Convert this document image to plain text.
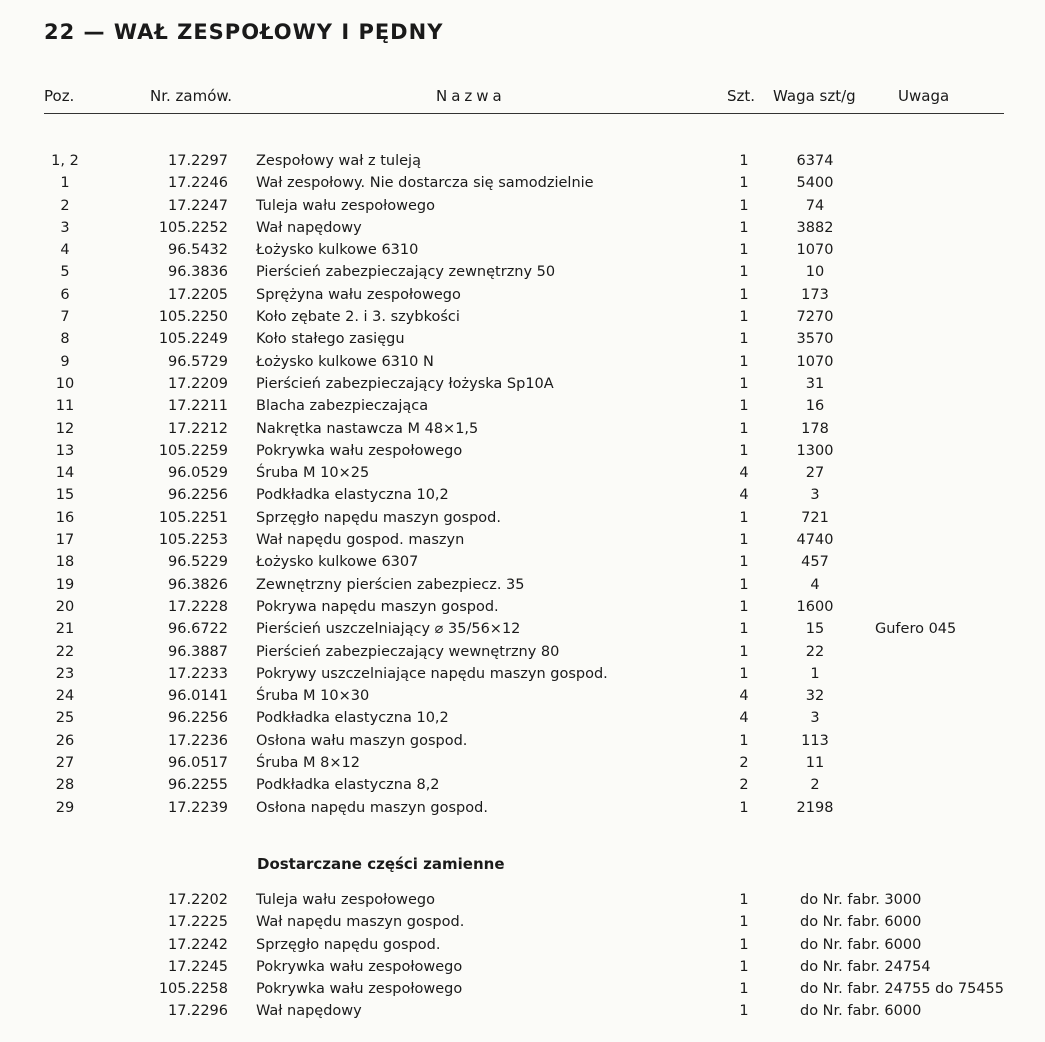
22 — WAŁ ZESPOŁOWY I PĘDNY
Poz.	Nr. zamów.	Nazwa	Szt. Waga szt/g	Uwaga
1, 2	17.2297 Zespołowy wał z tuleją	1	6374
1	17.2246 Wał zespołowy. Nie dostarcza się samodzielnie	1	5400
2	17.2247 Tuleja wału zespołowego	1	74
3	105.2252 Wał napędowy	1	3882
4	96.5432 Łożysko kulkowe 6310	1	1070
5	96.3836 Pierścień zabezpieczający zewnętrzny 50	1	10
6	17.2205 Sprężyna wału zespołowego	1	173
7	105.2250 Koło zębate 2. i 3. szybkości	1	7270
8	105.2249 Koło stałego zasięgu	1	3570
9	96.5729 Łożysko kulkowe 6310 N	1	1070
10	17.2209 Pierścień zabezpieczający łożyska Sp10A	1	31
11	17.2211 Blacha zabezpieczająca	1	16
12	17.2212 Nakrętka nastawcza M 48×1,5	1	178
13	105.2259 Pokrywka wału zespołowego	1	1300
14	96.0529 Śruba M 10×25	4	27
15	96.2256 Podkładka elastyczna 10,2	4	3
16	105.2251 Sprzęgło napędu maszyn gospod.	1	721
17	105.2253 Wał napędu gospod. maszyn	1	4740
18	96.5229 Łożysko kulkowe 6307	1	457
19	96.3826 Zewnętrzny pierścien zabezpiecz. 35	1	4
20	17.2228 Pokrywa napędu maszyn gospod.	1	1600
21	96.6722 Pierścień uszczelniający ⌀ 35/56×12	1	15	Gufero 045
22	96.3887 Pierścień zabezpieczający wewnętrzny 80	1	22
23	17.2233 Pokrywy uszczelniające napędu maszyn gospod.	1	1
24	96.0141 Śruba M 10×30	4	32
25	96.2256 Podkładka elastyczna 10,2	4	3
26	17.2236 Osłona wału maszyn gospod.	1	113
27	96.0517 Śruba M 8×12	2	11
28	96.2255 Podkładka elastyczna 8,2	2	2
29	17.2239 Osłona napędu maszyn gospod.	1	2198
Dostarczane części zamienne
17.2202 Tuleja wału zespołowego	1	do Nr. fabr. 3000
17.2225 Wał napędu maszyn gospod.	1	do Nr. fabr. 6000
17.2242 Sprzęgło napędu gospod.	1	do Nr. fabr. 6000
17.2245 Pokrywka wału zespołowego	1	do Nr. fabr. 24754
105.2258 Pokrywka wału zespołowego	1	do Nr. fabr. 24755 do 75455
17.2296 Wał napędowy	1	do Nr. fabr. 6000
